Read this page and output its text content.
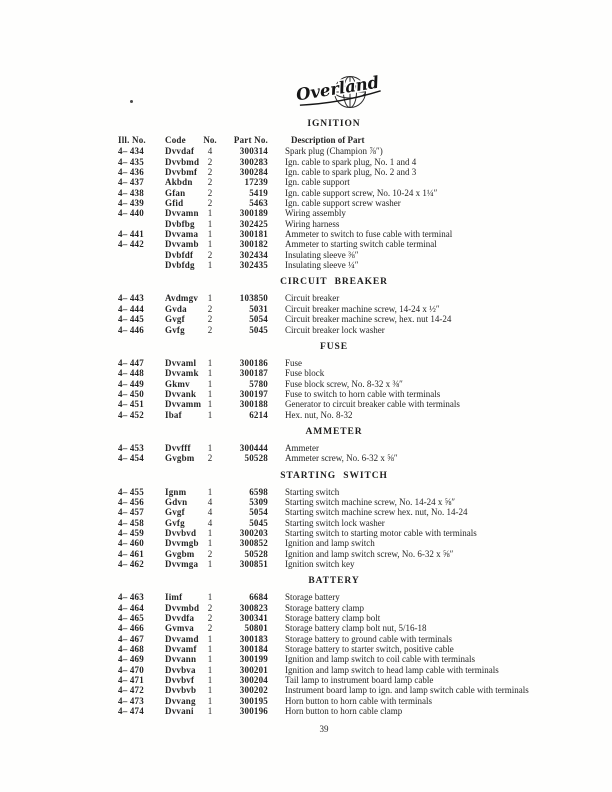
Overland
IGNITION
Ill. No.	Code	No.	Part No.	Description of Part
4– 434	Dvvdaf	4	300314	Spark plug (Champion ⅞″)
4– 435	Dvvbmd 2	300283	Ign. cable to spark plug, No. 1 and 4
4– 436	Dvvbmf	2	300284	Ign. cable to spark plug, No. 2 and 3
4– 437	Akbdn	2	17239	Ign. cable support
4– 438	Gfan	2	5419	Ign. cable support screw, No. 10-24 x 1¼″
4– 439	Gfid	2	5463	Ign. cable support screw washer
4– 440	Dvvamn	1	300189	Wiring assembly
Dvbfbg	1	302425	Wiring harness
4– 441	Dvvama	1	300181	Ammeter to switch to fuse cable with terminal
4– 442	Dvvamb	1	300182	Ammeter to starting switch cable terminal
Dvbfdf	2	302434	Insulating sleeve ⅜″
Dvbfdg	1	302435	Insulating sleeve ¼″
CIRCUIT BREAKER
4– 443	Avdmgv	1	103850	Circuit breaker
4– 444	Gvda	2	5031	Circuit breaker machine screw, 14-24 x ½″
4– 445	Gvgf	2	5054	Circuit breaker machine screw, hex. nut 14-24
4– 446	Gvfg	2	5045	Circuit breaker lock washer
FUSE
4– 447	Dvvaml	1	300186	Fuse
4– 448	Dvvamk	1	300187	Fuse block
4– 449	Gkmv	1	5780	Fuse block screw, No. 8-32 x ⅜″
4– 450	Dvvank	1	300197	Fuse to switch to horn cable with terminals
4– 451	Dvvamm 1	300188	Generator to circuit breaker cable with terminals
4– 452	Ibaf	1	6214	Hex. nut, No. 8-32
AMMETER
4– 453	Dvvfff	1	300444	Ammeter
4– 454	Gvgbm	2	50528	Ammeter screw, No. 6-32 x ⅝″
STARTING SWITCH
4– 455	Ignm	1	6598	Starting switch
4– 456	Gdvn	4	5309	Starting switch machine screw, No. 14-24 x ⅝″
4– 457	Gvgf	4	5054	Starting switch machine screw hex. nut, No. 14-24
4– 458	Gvfg	4	5045	Starting switch lock washer
4– 459	Dvvbvd	1	300203	Starting switch to starting motor cable with terminals
4– 460	Dvvmgb	1	300852	Ignition and lamp switch
4– 461	Gvgbm	2	50528	Ignition and lamp switch screw, No. 6-32 x ⅝″
4– 462	Dvvmga	1	300851	Ignition switch key
BATTERY
4– 463	Iimf	1	6684	Storage battery
4– 464	Dvvmbd 2	300823	Storage battery clamp
4– 465	Dvvdfa	2	300341	Storage battery clamp bolt
4– 466	Gvmva	2	50801	Storage battery clamp bolt nut, 5/16-18
4– 467	Dvvamd	1	300183	Storage battery to ground cable with terminals
4– 468	Dvvamf	1	300184	Storage battery to starter switch, positive cable
4– 469	Dvvann	1	300199	Ignition and lamp switch to coil cable with terminals
4– 470	Dvvbva	1	300201	Ignition and lamp switch to head lamp cable with terminals
4– 471	Dvvbvf	1	300204	Tail lamp to instrument board lamp cable
4– 472	Dvvbvb	1	300202	Instrument board lamp to ign. and lamp switch cable with terminals
4– 473	Dvvang	1	300195	Horn button to horn cable with terminals
4– 474	Dvvani	1	300196	Horn button to horn cable clamp
39
